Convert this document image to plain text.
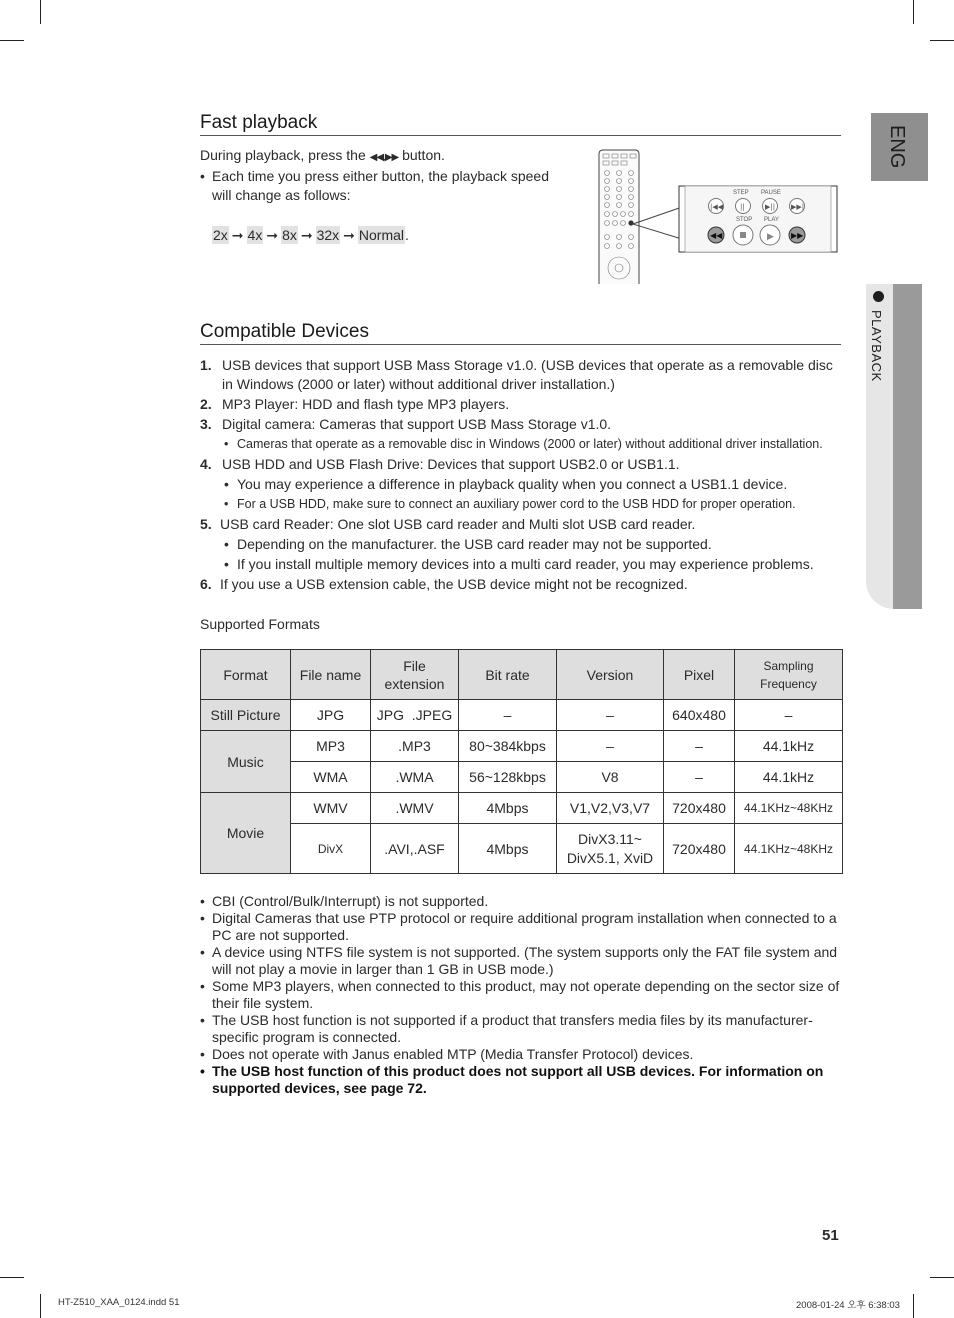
ENG
PLAYBACK
Fast playback
During playback, press the ◀◀,▶▶ button.
• Each time you press either button, the playback speed will change as follows:
2x ➞ 4x ➞ 8x ➞ 32x ➞ Normal.
STEP PAUSE
STOP PLAY
|◀◀ ||	▶|| ▶▶|
◀◀	▶ ▶▶
Compatible Devices
1. USB devices that support USB Mass Storage v1.0. (USB devices that operate as a removable disc in Windows (2000 or later) without additional driver installation.)
2. MP3 Player: HDD and flash type MP3 players.
3. Digital camera: Cameras that support USB Mass Storage v1.0.
• Cameras that operate as a removable disc in Windows (2000 or later) without additional driver installation.
4. USB HDD and USB Flash Drive: Devices that support USB2.0 or USB1.1.
• You may experience a difference in playback quality when you connect a USB1.1 device.
• For a USB HDD, make sure to connect an auxiliary power cord to the USB HDD for proper operation.
5. USB card Reader: One slot USB card reader and Multi slot USB card reader.
• Depending on the manufacturer. the USB card reader may not be supported.
• If you install multiple memory devices into a multi card reader, you may experience problems.
6. If you use a USB extension cable, the USB device might not be recognized.
Supported Formats
Format	File name	File extension	Bit rate	Version	Pixel	Sampling Frequency
Still Picture	JPG	JPG  .JPEG	–	–	640x480	–
Music	MP3	.MP3	80~384kbps	–	–	44.1kHz
	WMA	.WMA	56~128kbps	V8	–	44.1kHz
Movie	WMV	.WMV	4Mbps	V1,V2,V3,V7	720x480	44.1KHz~48KHz
	DivX	.AVI,.ASF	4Mbps	DivX3.11~
DivX5.1, XviD	720x480	44.1KHz~48KHz
• CBI (Control/Bulk/Interrupt) is not supported.
• Digital Cameras that use PTP protocol or require additional program installation when connected to a PC are not supported.
• A device using NTFS file system is not supported. (The system supports only the FAT file system and will not play a movie in larger than 1 GB in USB mode.)
• Some MP3 players, when connected to this product, may not operate depending on the sector size of their file system.
• The USB host function is not supported if a product that transfers media files by its manufacturer-specific program is connected.
• Does not operate with Janus enabled MTP (Media Transfer Protocol) devices.
• The USB host function of this product does not support all USB devices. For information on supported devices, see page 72.
51
HT-Z510_XAA_0124.indd 51	2008-01-24 오후 6:38:03
